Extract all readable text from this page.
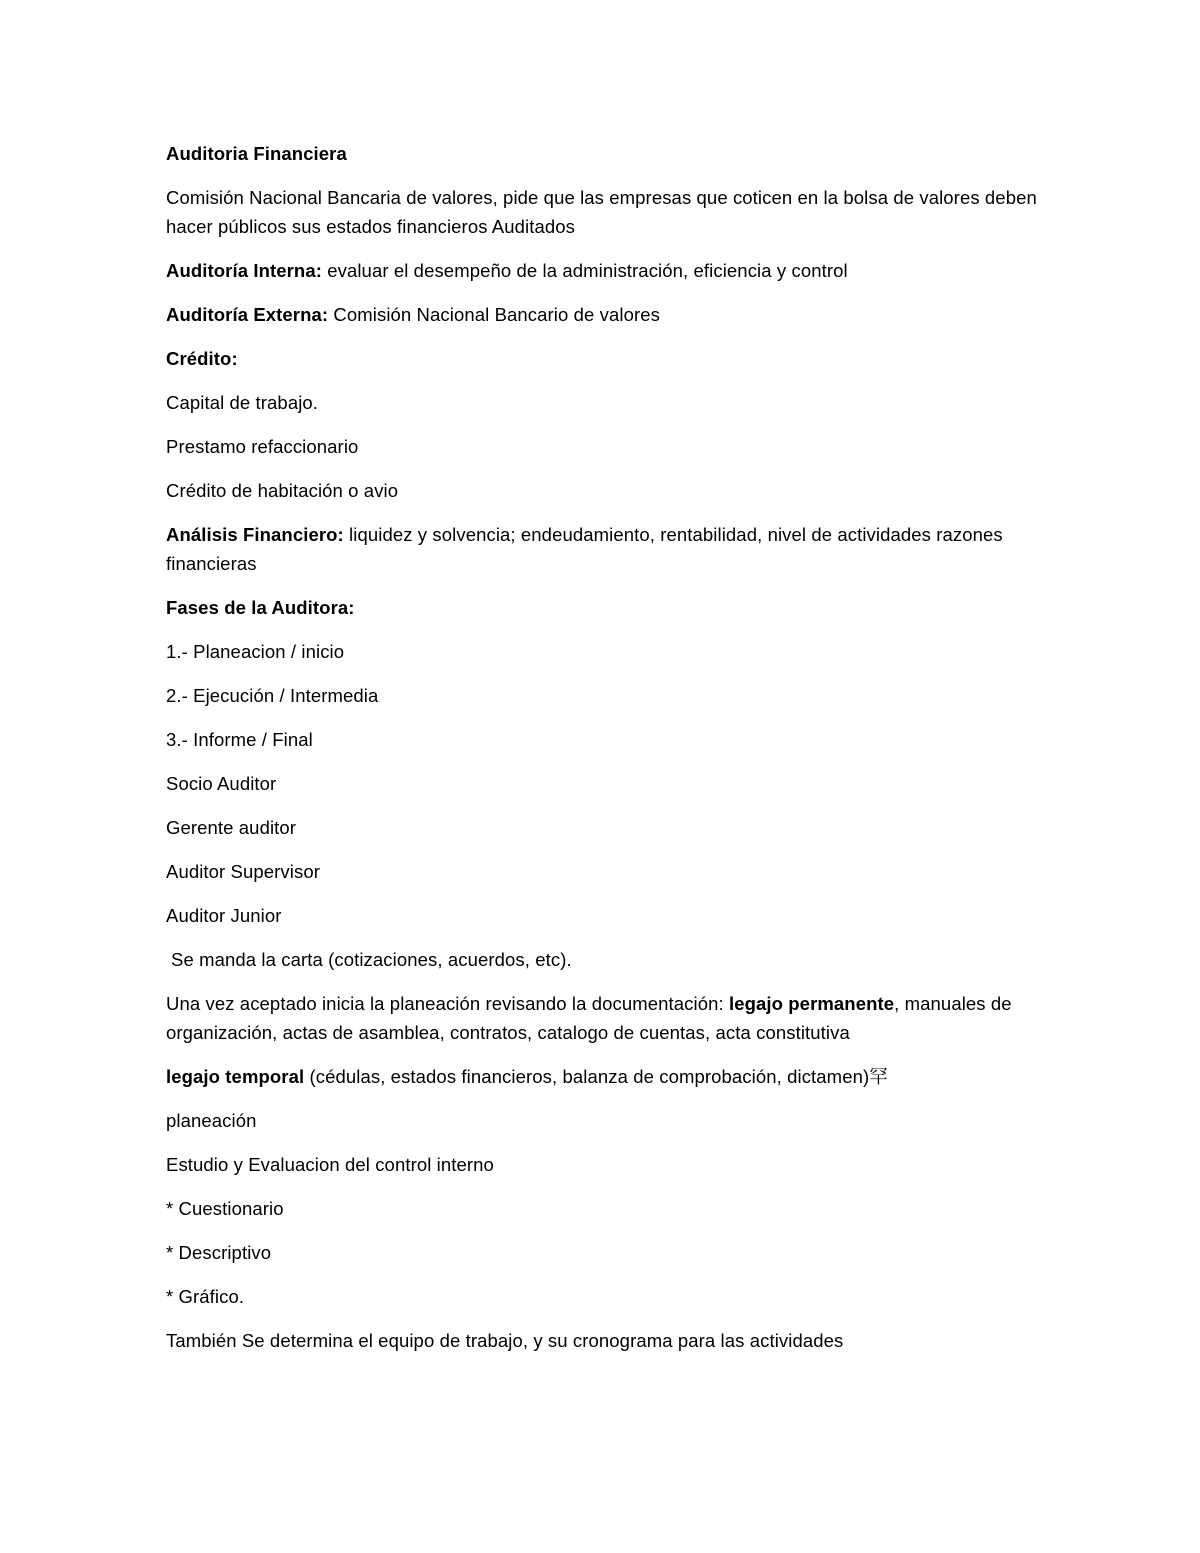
Auditoria Financiera

Comisión Nacional Bancaria de valores, pide que las empresas que coticen en la bolsa de valores deben hacer públicos sus estados financieros Auditados

Auditoría Interna: evaluar el desempeño de la administración, eficiencia y control

Auditoría Externa: Comisión Nacional Bancario de valores

Crédito:

Capital de trabajo.

Prestamo refaccionario

Crédito de habitación o avio

Análisis Financiero: liquidez y solvencia; endeudamiento, rentabilidad, nivel de actividades razones financieras

Fases de la Auditora:

1.- Planeacion / inicio

2.- Ejecución / Intermedia

3.- Informe / Final

Socio Auditor

Gerente auditor

Auditor Supervisor

Auditor Junior

Se manda la carta (cotizaciones, acuerdos, etc).

Una vez aceptado inicia la planeación revisando la documentación: legajo permanente, manuales de organización, actas de asamblea, contratos, catalogo de cuentas, acta constitutiva

legajo temporal (cédulas, estados financieros, balanza de comprobación, dictamen)罕

planeación

Estudio y Evaluacion del control interno

* Cuestionario

* Descriptivo

* Gráfico.

También Se determina el equipo de trabajo, y su cronograma para las actividades
